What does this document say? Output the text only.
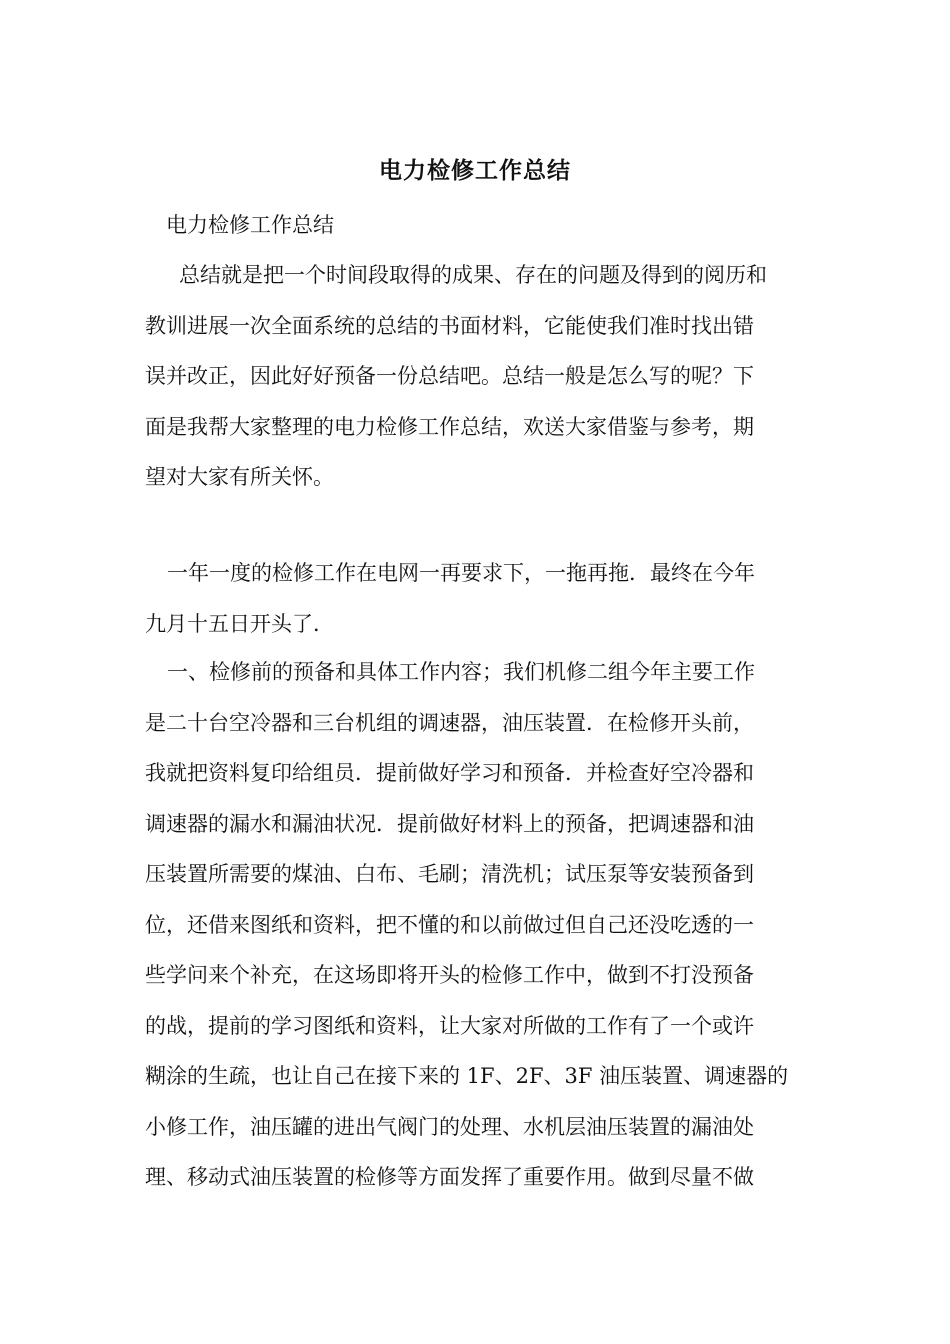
电力检修工作总结
电力检修工作总结
总结就是把一个时间段取得的成果、存在的问题及得到的阅历和
教训进展一次全面系统的总结的书面材料，它能使我们准时找出错
误并改正，因此好好预备一份总结吧。总结一般是怎么写的呢？下
面是我帮大家整理的电力检修工作总结，欢送大家借鉴与参考，期
望对大家有所关怀。
一年一度的检修工作在电网一再要求下，一拖再拖．最终在今年
九月十五日开头了．
一、检修前的预备和具体工作内容；我们机修二组今年主要工作
是二十台空冷器和三台机组的调速器，油压装置．在检修开头前，
我就把资料复印给组员．提前做好学习和预备．并检查好空冷器和
调速器的漏水和漏油状况．提前做好材料上的预备，把调速器和油
压装置所需要的煤油、白布、毛刷；清洗机；试压泵等安装预备到
位，还借来图纸和资料，把不懂的和以前做过但自己还没吃透的一
些学问来个补充，在这场即将开头的检修工作中，做到不打没预备
的战，提前的学习图纸和资料，让大家对所做的工作有了一个或许
糊涂的生疏，也让自己在接下来的 1F、2F、3F 油压装置、调速器的
小修工作，油压罐的进出气阀门的处理、水机层油压装置的漏油处
理、移动式油压装置的检修等方面发挥了重要作用。做到尽量不做
